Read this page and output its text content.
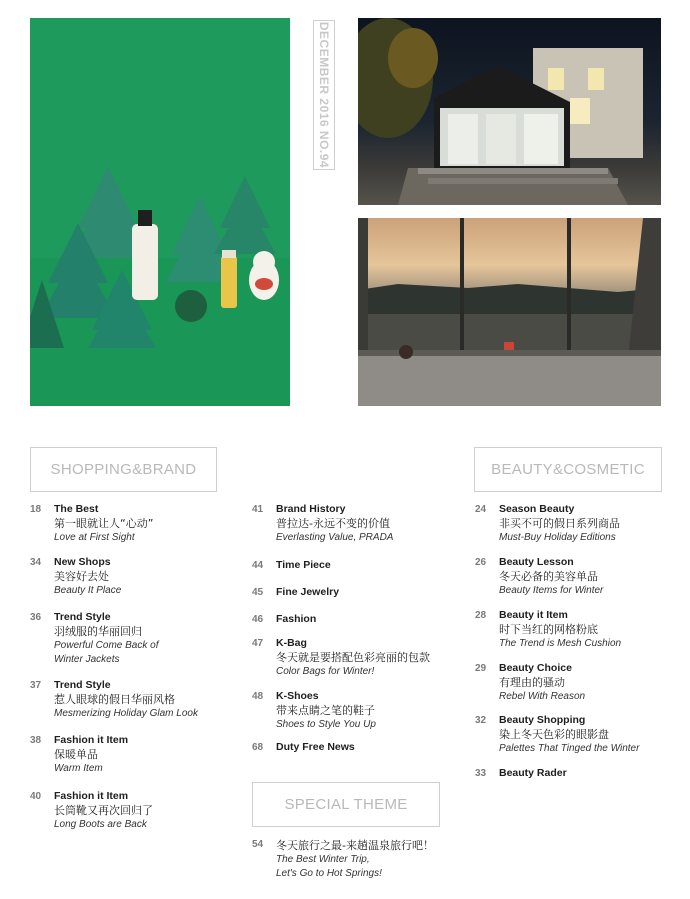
DECEMBER 2016 NO.94
SHOPPING&BRAND	BEAUTY&COSMETIC
SPECIAL THEME
18	The Best
第一眼就让人“心动”
Love at First Sight
34	New Shops
美容好去处
Beauty It Place
36	Trend Style
羽绒服的华丽回归
Powerful Come Back of
Winter Jackets
37	Trend Style
惹人眼球的假日华丽风格
Mesmerizing Holiday Glam Look
38	Fashion it Item
保暖单品
Warm Item
40	Fashion it Item
长筒靴又再次回归了
Long Boots are Back
41	Brand History
普拉达-永远不变的价值
Everlasting Value, PRADA
44	Time Piece
45	Fine Jewelry
46	Fashion
47	K-Bag
冬天就是要搭配色彩亮丽的包款
Color Bags for Winter!
48	K-Shoes
带来点睛之笔的鞋子
Shoes to Style You Up
68	Duty Free News
54	冬天旅行之最-来趟温泉旅行吧！
The Best Winter Trip,
Let's Go to Hot Springs!
24	Season Beauty
非买不可的假日系列商品
Must-Buy Holiday Editions
26	Beauty Lesson
冬天必备的美容单品
Beauty Items for Winter
28	Beauty it Item
时下当红的网格粉底
The Trend is Mesh Cushion
29	Beauty Choice
有理由的骚动
Rebel With Reason
32	Beauty Shopping
染上冬天色彩的眼影盘
Palettes That Tinged the Winter
33	Beauty Rader
